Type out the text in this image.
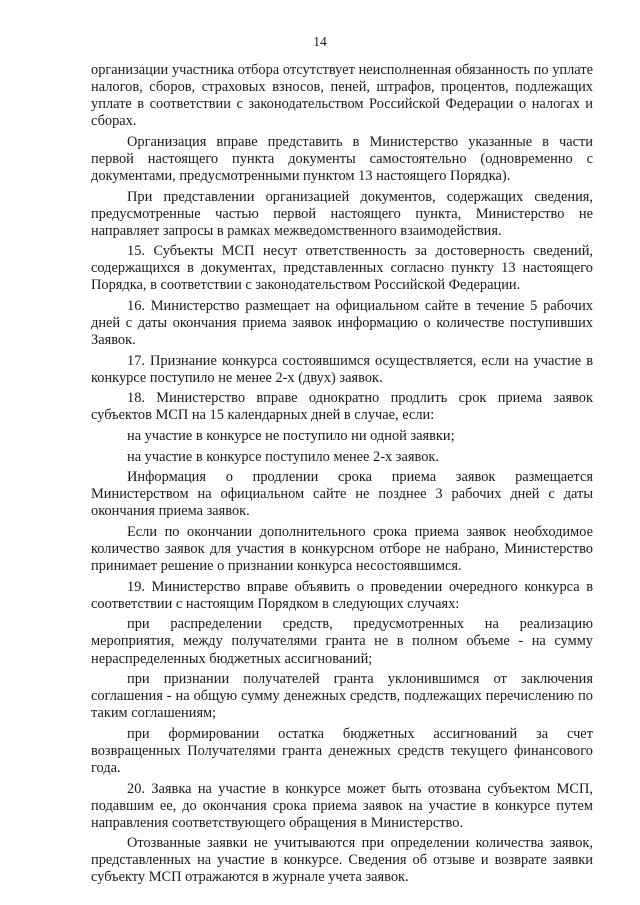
14

организации участника отбора отсутствует неисполненная обязанность по уплате налогов, сборов, страховых взносов, пеней, штрафов, процентов, подлежащих уплате в соответствии с законодательством Российской Федерации о налогах и сборах.

Организация вправе представить в Министерство указанные в части первой настоящего пункта документы самостоятельно (одновременно с документами, предусмотренными пунктом 13 настоящего Порядка).

При представлении организацией документов, содержащих сведения, предусмотренные частью первой настоящего пункта, Министерство не направляет запросы в рамках межведомственного взаимодействия.

15. Субъекты МСП несут ответственность за достоверность сведений, содержащихся в документах, представленных согласно пункту 13 настоящего Порядка, в соответствии с законодательством Российской Федерации.

16. Министерство размещает на официальном сайте в течение 5 рабочих дней с даты окончания приема заявок информацию о количестве поступивших Заявок.

17. Признание конкурса состоявшимся осуществляется, если на участие в конкурсе поступило не менее 2-х (двух) заявок.

18. Министерство вправе однократно продлить срок приема заявок субъектов МСП на 15 календарных дней в случае, если:

на участие в конкурсе не поступило ни одной заявки;

на участие в конкурсе поступило менее 2-х заявок.

Информация о продлении срока приема заявок размещается Министерством на официальном сайте не позднее 3 рабочих дней с даты окончания приема заявок.

Если по окончании дополнительного срока приема заявок необходимое количество заявок для участия в конкурсном отборе не набрано, Министерство принимает решение о признании конкурса несостоявшимся.

19. Министерство вправе объявить о проведении очередного конкурса в соответствии с настоящим Порядком в следующих случаях:

при распределении средств, предусмотренных на реализацию мероприятия, между получателями гранта не в полном объеме - на сумму нераспределенных бюджетных ассигнований;

при признании получателей гранта уклонившимся от заключения соглашения - на общую сумму денежных средств, подлежащих перечислению по таким соглашениям;

при формировании остатка бюджетных ассигнований за счет возвращенных Получателями гранта денежных средств текущего финансового года.

20. Заявка на участие в конкурсе может быть отозвана субъектом МСП, подавшим ее, до окончания срока приема заявок на участие в конкурсе путем направления соответствующего обращения в Министерство.

Отозванные заявки не учитываются при определении количества заявок, представленных на участие в конкурсе. Сведения об отзыве и возврате заявки субъекту МСП отражаются в журнале учета заявок.
